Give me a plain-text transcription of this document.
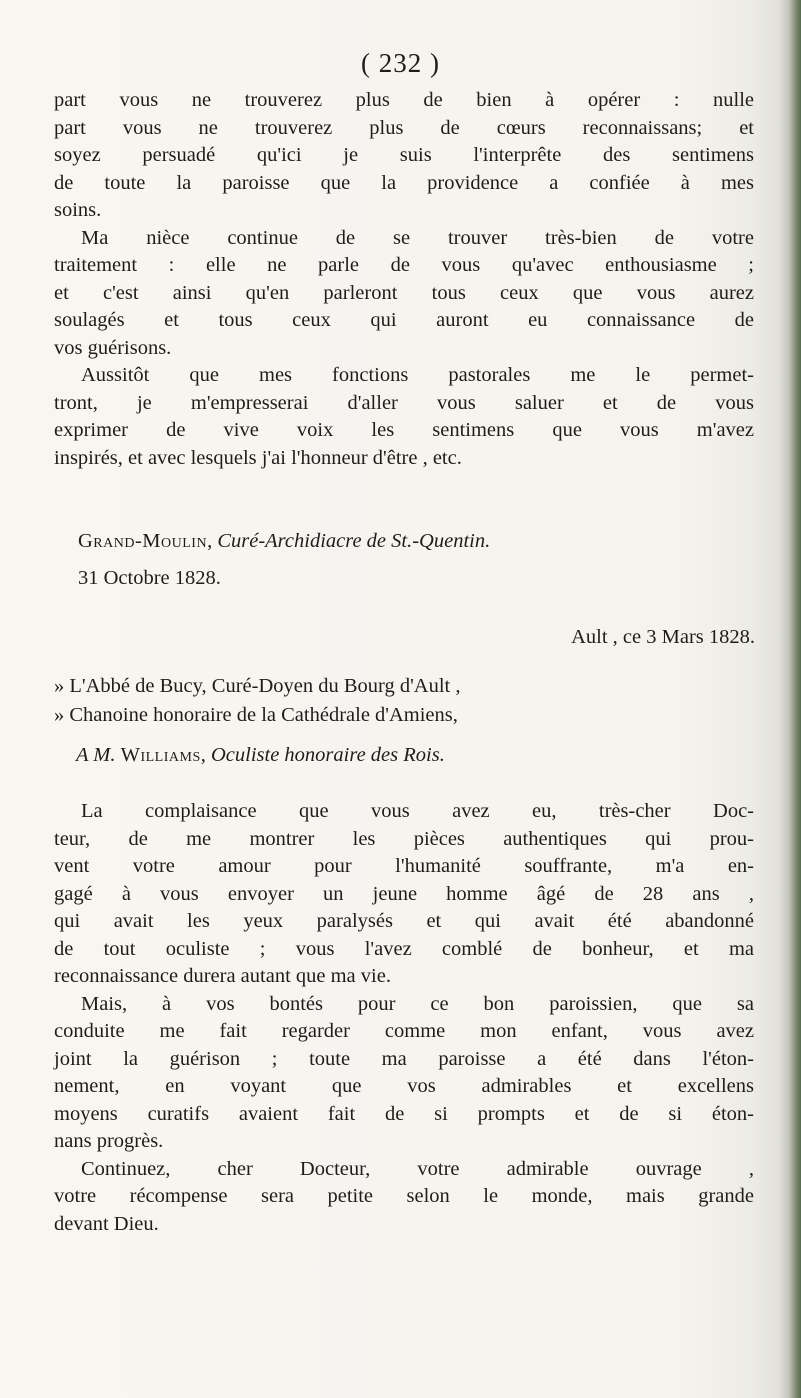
( 232 )

part vous ne trouverez plus de bien à opérer : nulle
part vous ne trouverez plus de cœurs reconnaissans; et
soyez persuadé qu'ici je suis l'interprête des sentimens
de toute la paroisse que la providence a confiée à mes
soins.

Ma nièce continue de se trouver très-bien de votre
traitement : elle ne parle de vous qu'avec enthousiasme ;
et c'est ainsi qu'en parleront tous ceux que vous aurez
soulagés et tous ceux qui auront eu connaissance de
vos guérisons.

Aussitôt que mes fonctions pastorales me le permet-
tront, je m'empresserai d'aller vous saluer et de vous
exprimer de vive voix les sentimens que vous m'avez
inspirés, et avec lesquels j'ai l'honneur d'être , etc.

Grand-Moulin, Curé-Archidiacre de St.-Quentin.
31 Octobre 1828.
Ault , ce 3 Mars 1828.
» L'Abbé de Bucy, Curé-Doyen du Bourg d'Ault ,
» Chanoine honoraire de la Cathédrale d'Amiens,
A M. Williams, Oculiste honoraire des Rois.

La complaisance que vous avez eu, très-cher Doc-
teur, de me montrer les pièces authentiques qui prou-
vent votre amour pour l'humanité souffrante, m'a en-
gagé à vous envoyer un jeune homme âgé de 28 ans ,
qui avait les yeux paralysés et qui avait été abandonné
de tout oculiste ; vous l'avez comblé de bonheur, et ma
reconnaissance durera autant que ma vie.

Mais, à vos bontés pour ce bon paroissien, que sa
conduite me fait regarder comme mon enfant, vous avez
joint la guérison ; toute ma paroisse a été dans l'éton-
nement, en voyant que vos admirables et excellens
moyens curatifs avaient fait de si prompts et de si éton-
nans progrès.

Continuez, cher Docteur, votre admirable ouvrage ,
votre récompense sera petite selon le monde, mais grande
devant Dieu.
